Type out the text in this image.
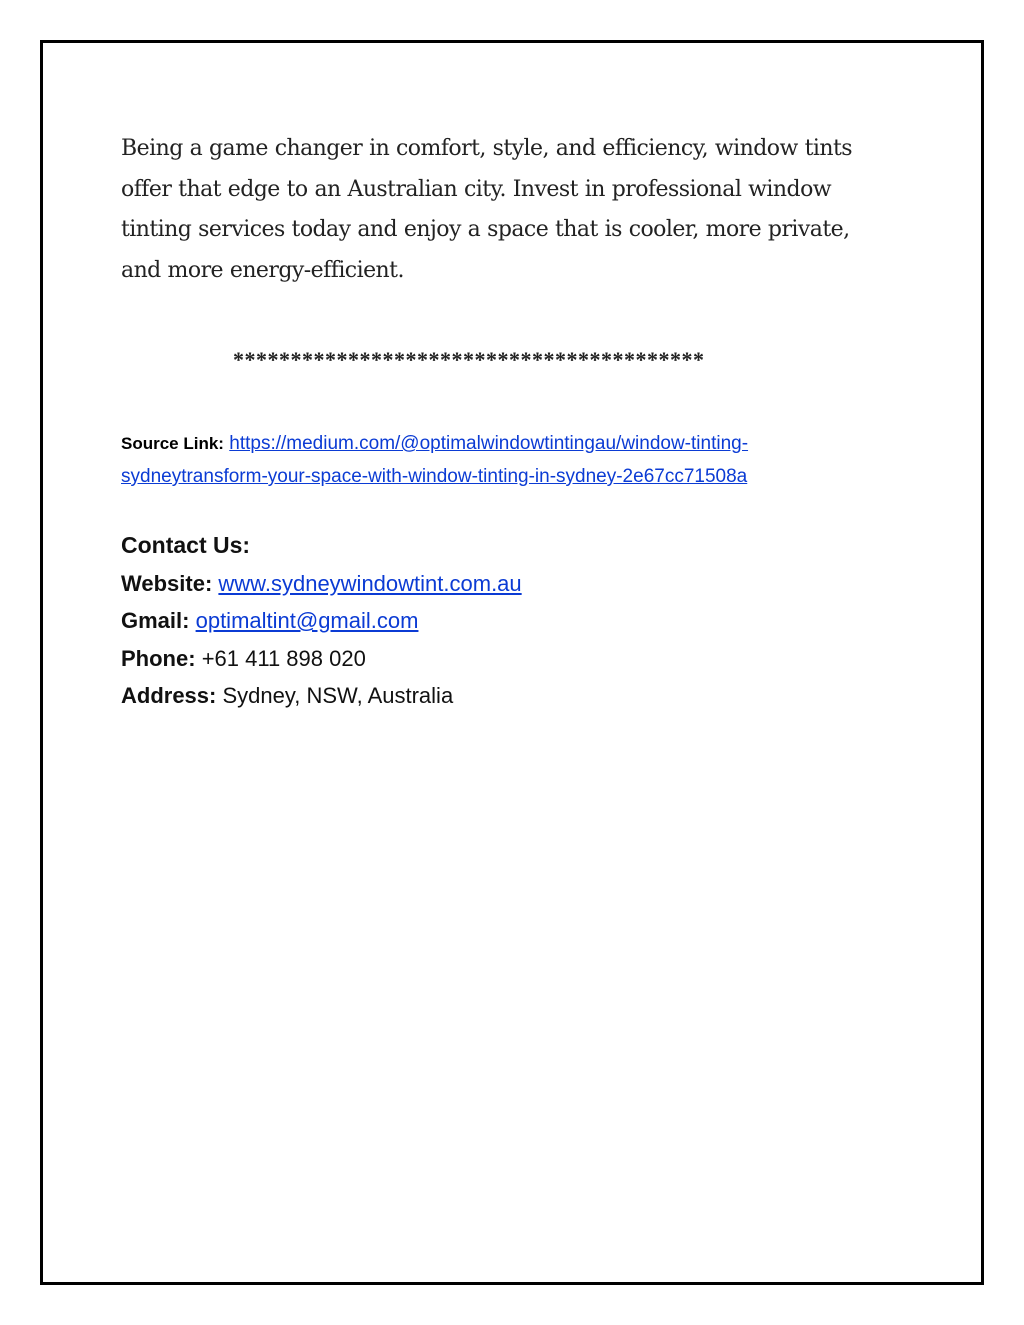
Being a game changer in comfort, style, and efficiency, window tints

offer that edge to an Australian city. Invest in professional window

tinting services today and enjoy a space that is cooler, more private,

and more energy-efficient.

*****************************************

Source Link: https://medium.com/@optimalwindowtintingau/window-tinting-
sydneytransform-your-space-with-window-tinting-in-sydney-2e67cc71508a
Contact Us:
Website: www.sydneywindowtint.com.au
Gmail: optimaltint@gmail.com
Phone: +61 411 898 020
Address: Sydney, NSW, Australia
